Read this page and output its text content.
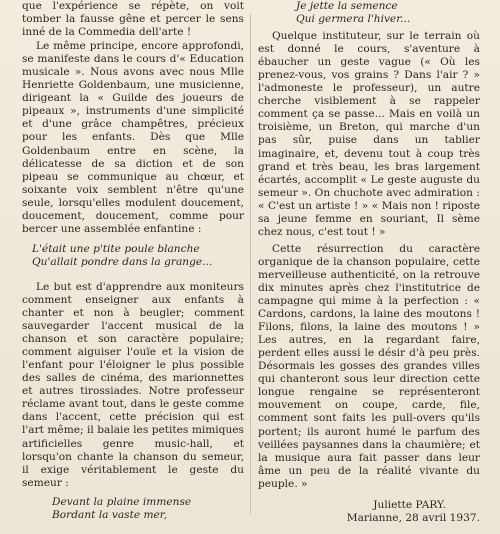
que l'expérience se répète, on voit tomber la fausse gêne et percer le sens inné de la Commedia dell'arte !

Le même principe, encore approfondi, se manifeste dans le cours d'« Education musicale ». Nous avons avec nous Mlle Henriette Goldenbaum, une musicienne, dirigeant la « Guilde des joueurs de pipeaux », instruments d'une simplicité et d'une grâce champêtres, précieux pour les enfants. Dès que Mlle Goldenbaum entre en scène, la délicatesse de sa diction et de son pipeau se communique au chœur, et soixante voix semblent n'être qu'une seule, lorsqu'elles modulent doucement, doucement, doucement, comme pour bercer une assemblée enfantine :

L'était une p'tite poule blanche
Qu'allait pondre dans la grange...

Le but est d'apprendre aux moniteurs comment enseigner aux enfants à chanter et non à beugler; comment sauvegarder l'accent musical de la chanson et son caractère populaire; comment aiguiser l'ouïe et la vision de l'enfant pour l'éloigner le plus possible des salles de cinéma, des marionnettes et autres tirossiades. Notre professeur réclame avant tout, dans le geste comme dans l'accent, cette précision qui est l'art même; il balaie les petites mimiques artificielles genre music-hall, et lorsqu'on chante la chanson du semeur, il exige véritablement le geste du semeur :

Devant la plaine immense
Bordant la vaste mer,
Je jette la semence
Qui germera l'hiver...

Quelque instituteur, sur le terrain où est donné le cours, s'aventure à ébaucher un geste vague (« Où les prenez-vous, vos grains ? Dans l'air ? » l'admoneste le professeur), un autre cherche visiblement à se rappeler comment ça se passe... Mais en voilà un troisième, un Breton, qui marche d'un pas sûr, puise dans un tablier imaginaire, et, devenu tout à coup très grand et très beau, les bras largement écartés, accomplit « Le geste auguste du semeur ». On chuchote avec admiration : « C'est un artiste ! » « Mais non ! riposte sa jeune femme en souriant, Il sème chez nous, c'est tout ! »

Cette résurrection du caractère organique de la chanson populaire, cette merveilleuse authenticité, on la retrouve dix minutes après chez l'institutrice de campagne qui mime à la perfection : « Cardons, cardons, la laine des moutons ! Filons, filons, la laine des moutons ! » Les autres, en la regardant faire, perdent elles aussi le désir d'à peu près. Désormais les gosses des grandes villes qui chanteront sous leur direction cette longue rengaine se représenteront mouvement on coupe, carde, file, comment sont faits les pull-overs qu'ils portent; ils auront humé le parfum des veillées paysannes dans la chaumière; et la musique aura fait passer dans leur âme un peu de la réalité vivante du peuple. »

Juliette PARY.
Marianne, 28 avril 1937.
